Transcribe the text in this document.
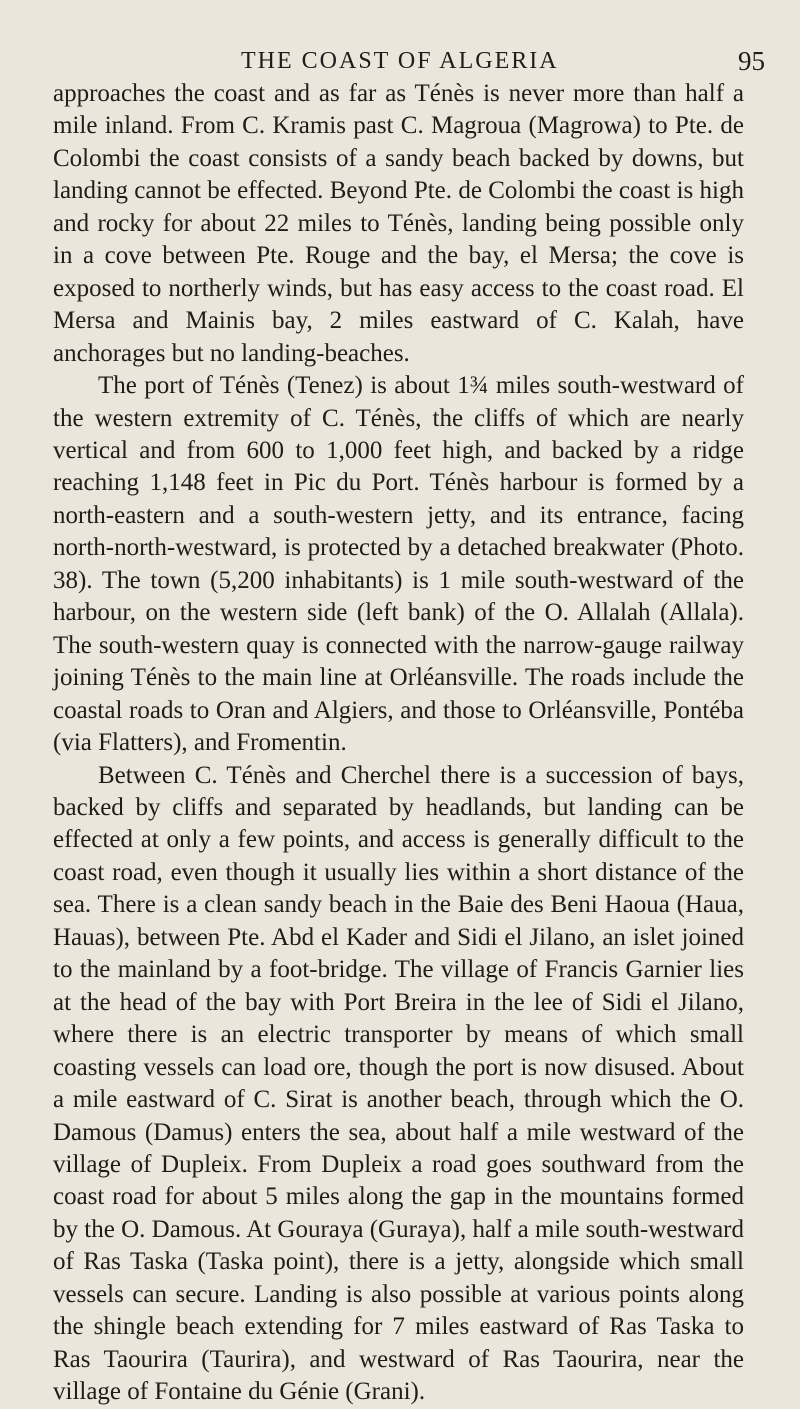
THE COAST OF ALGERIA	95

approaches the coast and as far as Ténès is never more than half a mile inland. From C. Kramis past C. Magroua (Magrowa) to Pte. de Colombi the coast consists of a sandy beach backed by downs, but landing cannot be effected. Beyond Pte. de Colombi the coast is high and rocky for about 22 miles to Ténès, landing being possible only in a cove between Pte. Rouge and the bay, el Mersa; the cove is exposed to northerly winds, but has easy access to the coast road. El Mersa and Mainis bay, 2 miles eastward of C. Kalah, have anchorages but no landing-beaches.

The port of Ténès (Tenez) is about 1¾ miles south-westward of the western extremity of C. Ténès, the cliffs of which are nearly vertical and from 600 to 1,000 feet high, and backed by a ridge reaching 1,148 feet in Pic du Port. Ténès harbour is formed by a north-eastern and a south-western jetty, and its entrance, facing north-north-westward, is protected by a detached breakwater (Photo. 38). The town (5,200 inhabitants) is 1 mile south-westward of the harbour, on the western side (left bank) of the O. Allalah (Allala). The south-western quay is connected with the narrow-gauge railway joining Ténès to the main line at Orléansville. The roads include the coastal roads to Oran and Algiers, and those to Orléansville, Pontéba (via Flatters), and Fromentin.

Between C. Ténès and Cherchel there is a succession of bays, backed by cliffs and separated by headlands, but landing can be effected at only a few points, and access is generally difficult to the coast road, even though it usually lies within a short distance of the sea. There is a clean sandy beach in the Baie des Beni Haoua (Haua, Hauas), between Pte. Abd el Kader and Sidi el Jilano, an islet joined to the mainland by a foot-bridge. The village of Francis Garnier lies at the head of the bay with Port Breira in the lee of Sidi el Jilano, where there is an electric transporter by means of which small coasting vessels can load ore, though the port is now disused. About a mile eastward of C. Sirat is another beach, through which the O. Damous (Damus) enters the sea, about half a mile westward of the village of Dupleix. From Dupleix a road goes southward from the coast road for about 5 miles along the gap in the mountains formed by the O. Damous. At Gouraya (Guraya), half a mile south-westward of Ras Taska (Taska point), there is a jetty, alongside which small vessels can secure. Landing is also possible at various points along the shingle beach extending for 7 miles eastward of Ras Taska to Ras Taourira (Taurira), and westward of Ras Taourira, near the village of Fontaine du Génie (Grani).
